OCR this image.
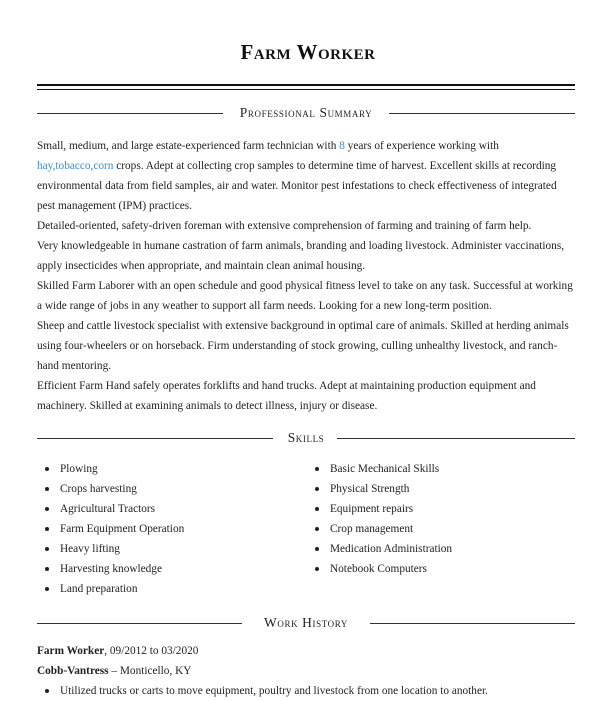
Farm Worker
Professional Summary

Small, medium, and large estate-experienced farm technician with 8 years of experience working with hay,tobacco,corn crops. Adept at collecting crop samples to determine time of harvest. Excellent skills at recording environmental data from field samples, air and water. Monitor pest infestations to check effectiveness of integrated pest management (IPM) practices.

Detailed-oriented, safety-driven foreman with extensive comprehension of farming and training of farm help.

Very knowledgeable in humane castration of farm animals, branding and loading livestock. Administer vaccinations, apply insecticides when appropriate, and maintain clean animal housing.

Skilled Farm Laborer with an open schedule and good physical fitness level to take on any task. Successful at working a wide range of jobs in any weather to support all farm needs. Looking for a new long-term position.

Sheep and cattle livestock specialist with extensive background in optimal care of animals. Skilled at herding animals using four-wheelers or on horseback. Firm understanding of stock growing, culling unhealthy livestock, and ranch-hand mentoring.

Efficient Farm Hand safely operates forklifts and hand trucks. Adept at maintaining production equipment and machinery. Skilled at examining animals to detect illness, injury or disease.

Skills
Plowing
Crops harvesting
Agricultural Tractors
Farm Equipment Operation
Heavy lifting
Harvesting knowledge
Land preparation
Basic Mechanical Skills
Physical Strength
Equipment repairs
Crop management
Medication Administration
Notebook Computers
Work History
Farm Worker, 09/2012 to 03/2020
Cobb-Vantress – Monticello, KY
Utilized trucks or carts to move equipment, poultry and livestock from one location to another.
